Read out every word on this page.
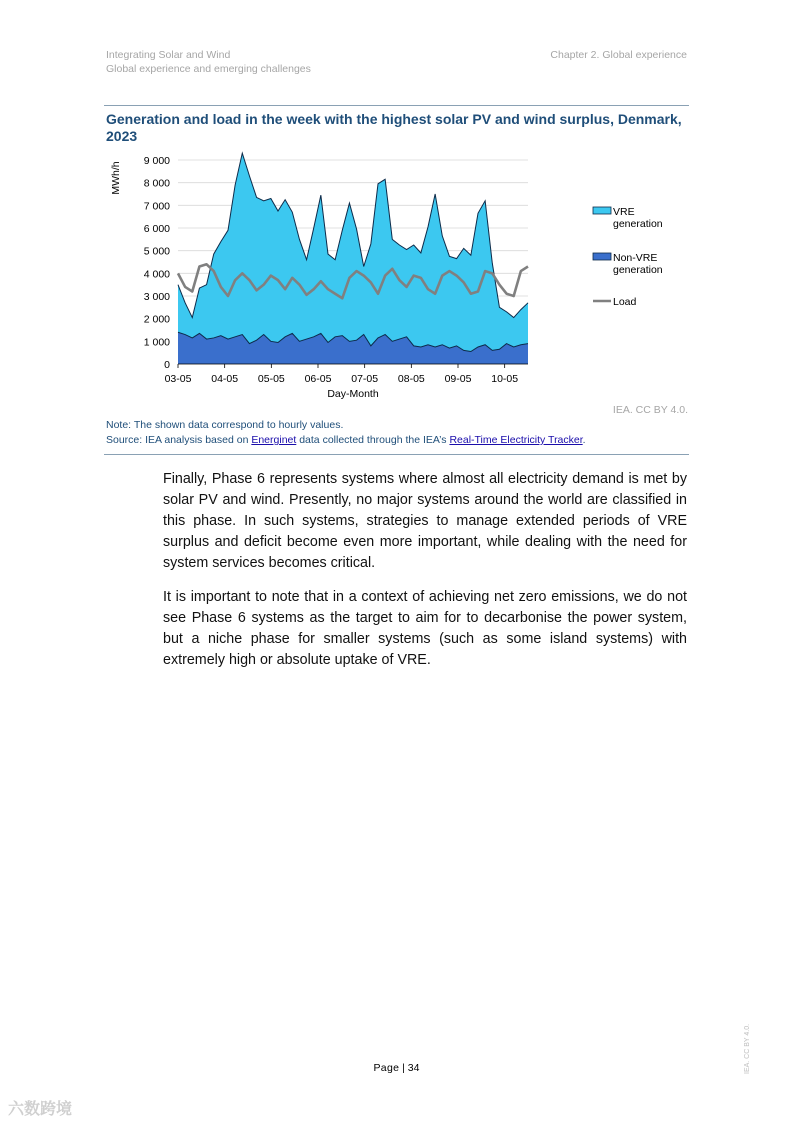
Integrating Solar and Wind
Global experience and emerging challenges
Chapter 2. Global experience
Generation and load in the week with the highest solar PV and wind surplus, Denmark, 2023
0
1 000
2 000
3 000
4 000
5 000
6 000
7 000
8 000
9 000
MWh/h
03-05 04-05 05-05 06-05 07-05 08-05 09-05 10-05
Day-Month
VRE generation
Non-VRE generation
Load
IEA. CC BY 4.0.
Note: The shown data correspond to hourly values.
Source: IEA analysis based on Energinet data collected through the IEA’s Real-Time Electricity Tracker.

Finally, Phase 6 represents systems where almost all electricity demand is met by solar PV and wind. Presently, no major systems around the world are classified in this phase. In such systems, strategies to manage extended periods of VRE surplus and deficit become even more important, while dealing with the need for system services becomes critical.

It is important to note that in a context of achieving net zero emissions, we do not see Phase 6 systems as the target to aim for to decarbonise the power system, but a niche phase for smaller systems (such as some island systems) with extremely high or absolute uptake of VRE.

Page | 34	IEA. CC BY 4.0.
六数跨境
